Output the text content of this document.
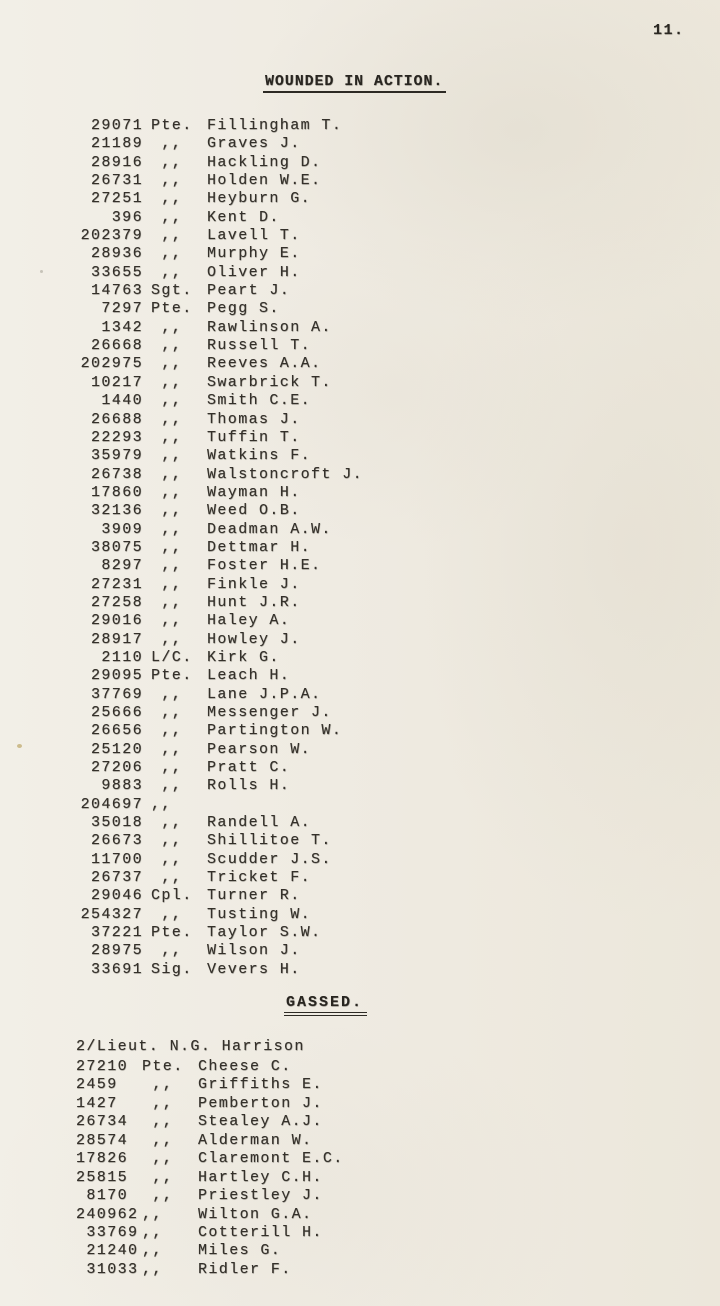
11.
WOUNDED IN ACTION.
29071 Pte. Fillingham T.
21189 ,,	Graves J.
28916 ,,	Hackling D.
26731 ,,	Holden W.E.
27251 ,,	Heyburn G.
396 ,,	Kent D.
202379 ,,	Lavell T.
28936 ,,	Murphy E.
33655 ,,	Oliver H.
14763 Sgt. Peart J.
7297 Pte. Pegg S.
1342 ,,	Rawlinson A.
26668 ,,	Russell T.
202975 ,,	Reeves A.A.
10217 ,,	Swarbrick T.
1440 ,,	Smith C.E.
26688 ,,	Thomas J.
22293 ,,	Tuffin T.
35979 ,,	Watkins F.
26738 ,,	Walstoncroft J.
17860 ,,	Wayman H.
32136 ,,	Weed O.B.
3909 ,,	Deadman A.W.
38075 ,,	Dettmar H.
8297 ,,	Foster H.E.
27231 ,,	Finkle J.
27258 ,,	Hunt J.R.
29016 ,,	Haley A.
28917 ,,	Howley J.
2110 L/C. Kirk G.
29095 Pte. Leach H.
37769 ,,	Lane J.P.A.
25666 ,,	Messenger J.
26656 ,,	Partington W.
25120 ,,	Pearson W.
27206 ,,	Pratt C.
9883 ,,	Rolls H.
204697 ,,
35018 ,,	Randell A.
26673 ,,	Shillitoe T.
11700 ,,	Scudder J.S.
26737 ,,	Tricket F.
29046 Cpl. Turner R.
254327 ,,	Tusting W.
37221 Pte. Taylor S.W.
28975 ,,	Wilson J.
33691 Sig. Vevers H.
GASSED.
2/Lieut. N.G. Harrison
27210 Pte. Cheese C.
2459	,,	Griffiths E.
1427	,,	Pemberton J.
26734 ,,	Stealey A.J.
28574 ,,	Alderman W.
17826 ,,	Claremont E.C.
25815 ,,	Hartley C.H.
8170 ,,	Priestley J.
240962 ,,	Wilton G.A.
33769 ,,	Cotterill H.
21240 ,,	Miles G.
31033 ,,	Ridler F.
